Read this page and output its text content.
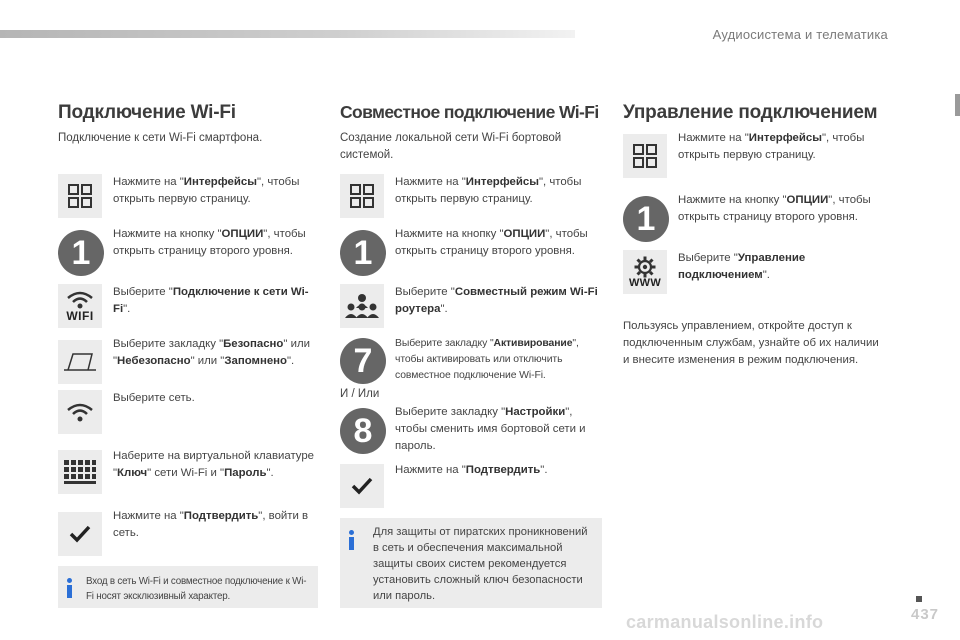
Аудиосистема и телематика
Подключение Wi-Fi
Подключение к сети Wi-Fi смартфона.
Нажмите на "Интерфейсы", чтобы открыть первую страницу.
1	Нажмите на кнопку "ОПЦИИ", чтобы открыть страницу второго уровня.
WIFI
Выберите "Подключение к сети Wi-Fi".
Выберите закладку "Безопасно" или "Небезопасно" или "Запомнено".
Выберите сеть.
Наберите на виртуальной клавиатуре "Ключ" сети Wi-Fi и "Пароль".
Нажмите на "Подтвердить", войти в сеть.
Вход в сеть Wi-Fi и совместное подключение к Wi-Fi носят эксклюзивный характер.
Совместное подключение Wi-Fi
Создание локальной сети Wi-Fi бортовой системой.
Нажмите на "Интерфейсы", чтобы открыть первую страницу.
1	Нажмите на кнопку "ОПЦИИ", чтобы открыть страницу второго уровня.
Выберите "Совместный режим Wi-Fi роутера".
7	Выберите закладку "Активирование", чтобы активировать или отключить совместное подключение Wi-Fi.
И / Или
8	Выберите закладку "Настройки", чтобы сменить имя бортовой сети и пароль.
Нажмите на "Подтвердить".
Для защиты от пиратских проникновений в сеть и обеспечения максимальной защиты своих систем рекомендуется установить сложный ключ безопасности или пароль.
Управление подключением
Нажмите на "Интерфейсы", чтобы открыть первую страницу.
1	Нажмите на кнопку "ОПЦИИ", чтобы открыть страницу второго уровня.
WWW
Выберите "Управление подключением".
Пользуясь управлением, откройте доступ к подключенным службам, узнайте об их наличии и внесите изменения в режим подключения.
437
carmanualsonline.info
